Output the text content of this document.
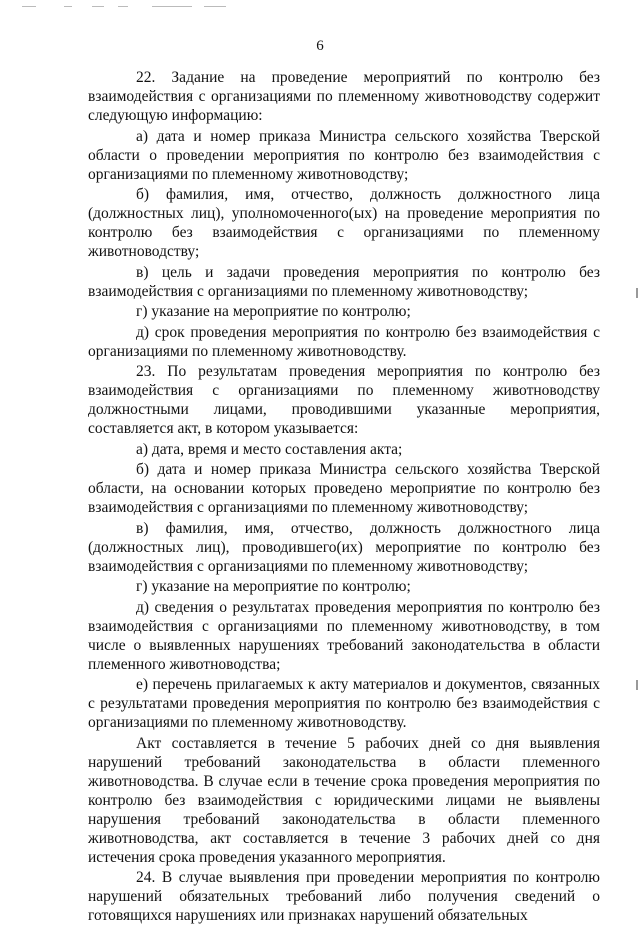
6

22. Задание на проведение мероприятий по контролю без взаимодействия с организациями по племенному животноводству содержит следующую информацию:

а) дата и номер приказа Министра сельского хозяйства Тверской области о проведении мероприятия по контролю без взаимодействия с организациями по племенному животноводству;

б) фамилия, имя, отчество, должность должностного лица (должностных лиц), уполномоченного(ых) на проведение мероприятия по контролю без взаимодействия с организациями по племенному животноводству;

в) цель и задачи проведения мероприятия по контролю без взаимодействия с организациями по племенному животноводству;

г) указание на мероприятие по контролю;

д) срок проведения мероприятия по контролю без взаимодействия с организациями по племенному животноводству.

23. По результатам проведения мероприятия по контролю без взаимодействия с организациями по племенному животноводству должностными лицами, проводившими указанные мероприятия, составляется акт, в котором указывается:

а) дата, время и место составления акта;

б) дата и номер приказа Министра сельского хозяйства Тверской области, на основании которых проведено мероприятие по контролю без взаимодействия с организациями по племенному животноводству;

в) фамилия, имя, отчество, должность должностного лица (должностных лиц), проводившего(их) мероприятие по контролю без взаимодействия с организациями по племенному животноводству;

г) указание на мероприятие по контролю;

д) сведения о результатах проведения мероприятия по контролю без взаимодействия с организациями по племенному животноводству, в том числе о выявленных нарушениях требований законодательства в области племенного животноводства;

е) перечень прилагаемых к акту материалов и документов, связанных с результатами проведения мероприятия по контролю без взаимодействия с организациями по племенному животноводству.

Акт составляется в течение 5 рабочих дней со дня выявления нарушений требований законодательства в области племенного животноводства. В случае если в течение срока проведения мероприятия по контролю без взаимодействия с юридическими лицами не выявлены нарушения требований законодательства в области племенного животноводства, акт составляется в течение 3 рабочих дней со дня истечения срока проведения указанного мероприятия.

24. В случае выявления при проведении мероприятия по контролю нарушений обязательных требований либо получения сведений о готовящихся нарушениях или признаках нарушений обязательных
